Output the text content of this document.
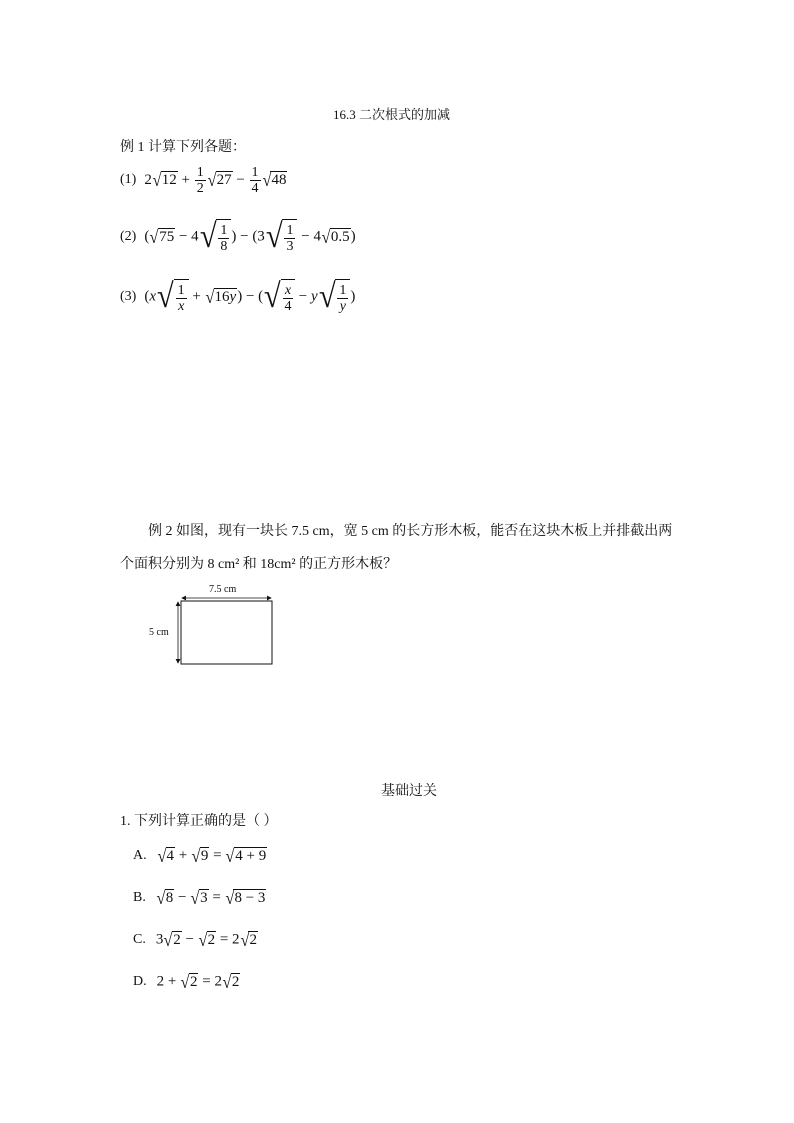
16.3 二次根式的加减
例 1 计算下列各题：
(1) 2 √ $12 + \frac{1}{2}$ √ $27 - \frac{1}{4}$ √ 48
(2) ( √ 75 − 4 √ $\frac{1}{8}$ ) − (3 √ $\frac{1}{3} - 4$ √ 0.5 )
(3) (x √ $\frac{1}{x}$ + √ 16 y ) − ( √ $\frac{x}{4} - y$ √ $\frac{1}{y}$ )
例 2 如图，现有一块长 7.5 cm，宽 5 cm 的长方形木板，能否在这块木板上并排截出两
个面积分别为 8 cm² 和 18cm² 的正方形木板？
7.5 cm
5 cm
基础过关
1. 下列计算正确的是（ ）
A. √ 4 + √ 9 = √ 4 + 9
B. √ 8 − √ 3 = √ 8 − 3
C. 3 √ 2 − √ 2 = 2 √ 2
D. 2 + √ 2 = 2 √ 2
